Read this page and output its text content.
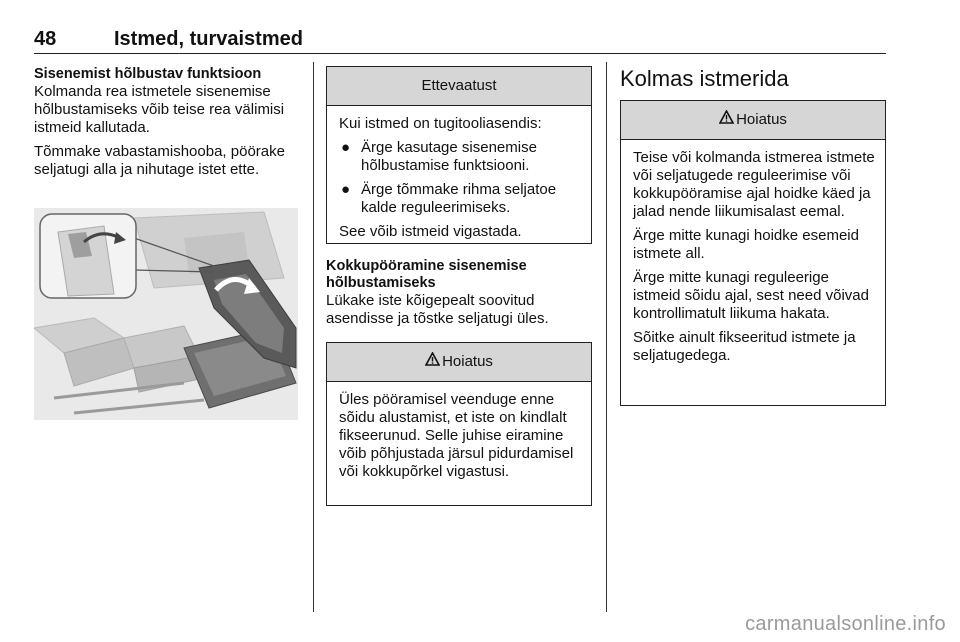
48	Istmed, turvaistmed

Sisenemist hõlbustav funktsioon

Kolmanda rea istmetele sisenemise hõlbustamiseks võib teise rea välimisi istmeid kallutada.

Tõmmake vabastamishooba, pöörake seljatugi alla ja nihutage istet ette.

Ettevaatust

Kui istmed on tugitooliasendis:

● Ärge kasutage sisenemise hõlbustamise funktsiooni.
● Ärge tõmmake rihma seljatoe kalde reguleerimiseks.

See võib istmeid vigastada.

Kokkupööramine sisenemise hõlbustamiseks

Lükake iste kõigepealt soovitud asendisse ja tõstke seljatugi üles.

Hoiatus

Üles pööramisel veenduge enne sõidu alustamist, et iste on kindlalt fikseerunud. Selle juhise eiramine võib põhjustada järsul pidurdamisel või kokkupõrkel vigastusi.

Kolmas istmerida
Hoiatus

Teise või kolmanda istmerea istmete või seljatugede reguleerimise või kokkupööramise ajal hoidke käed ja jalad nende liikumisalast eemal.

Ärge mitte kunagi hoidke esemeid istmete all.

Ärge mitte kunagi reguleerige istmeid sõidu ajal, sest need võivad kontrollimatult liikuma hakata.

Sõitke ainult fikseeritud istmete ja seljatugedega.

carmanualsonline.info
